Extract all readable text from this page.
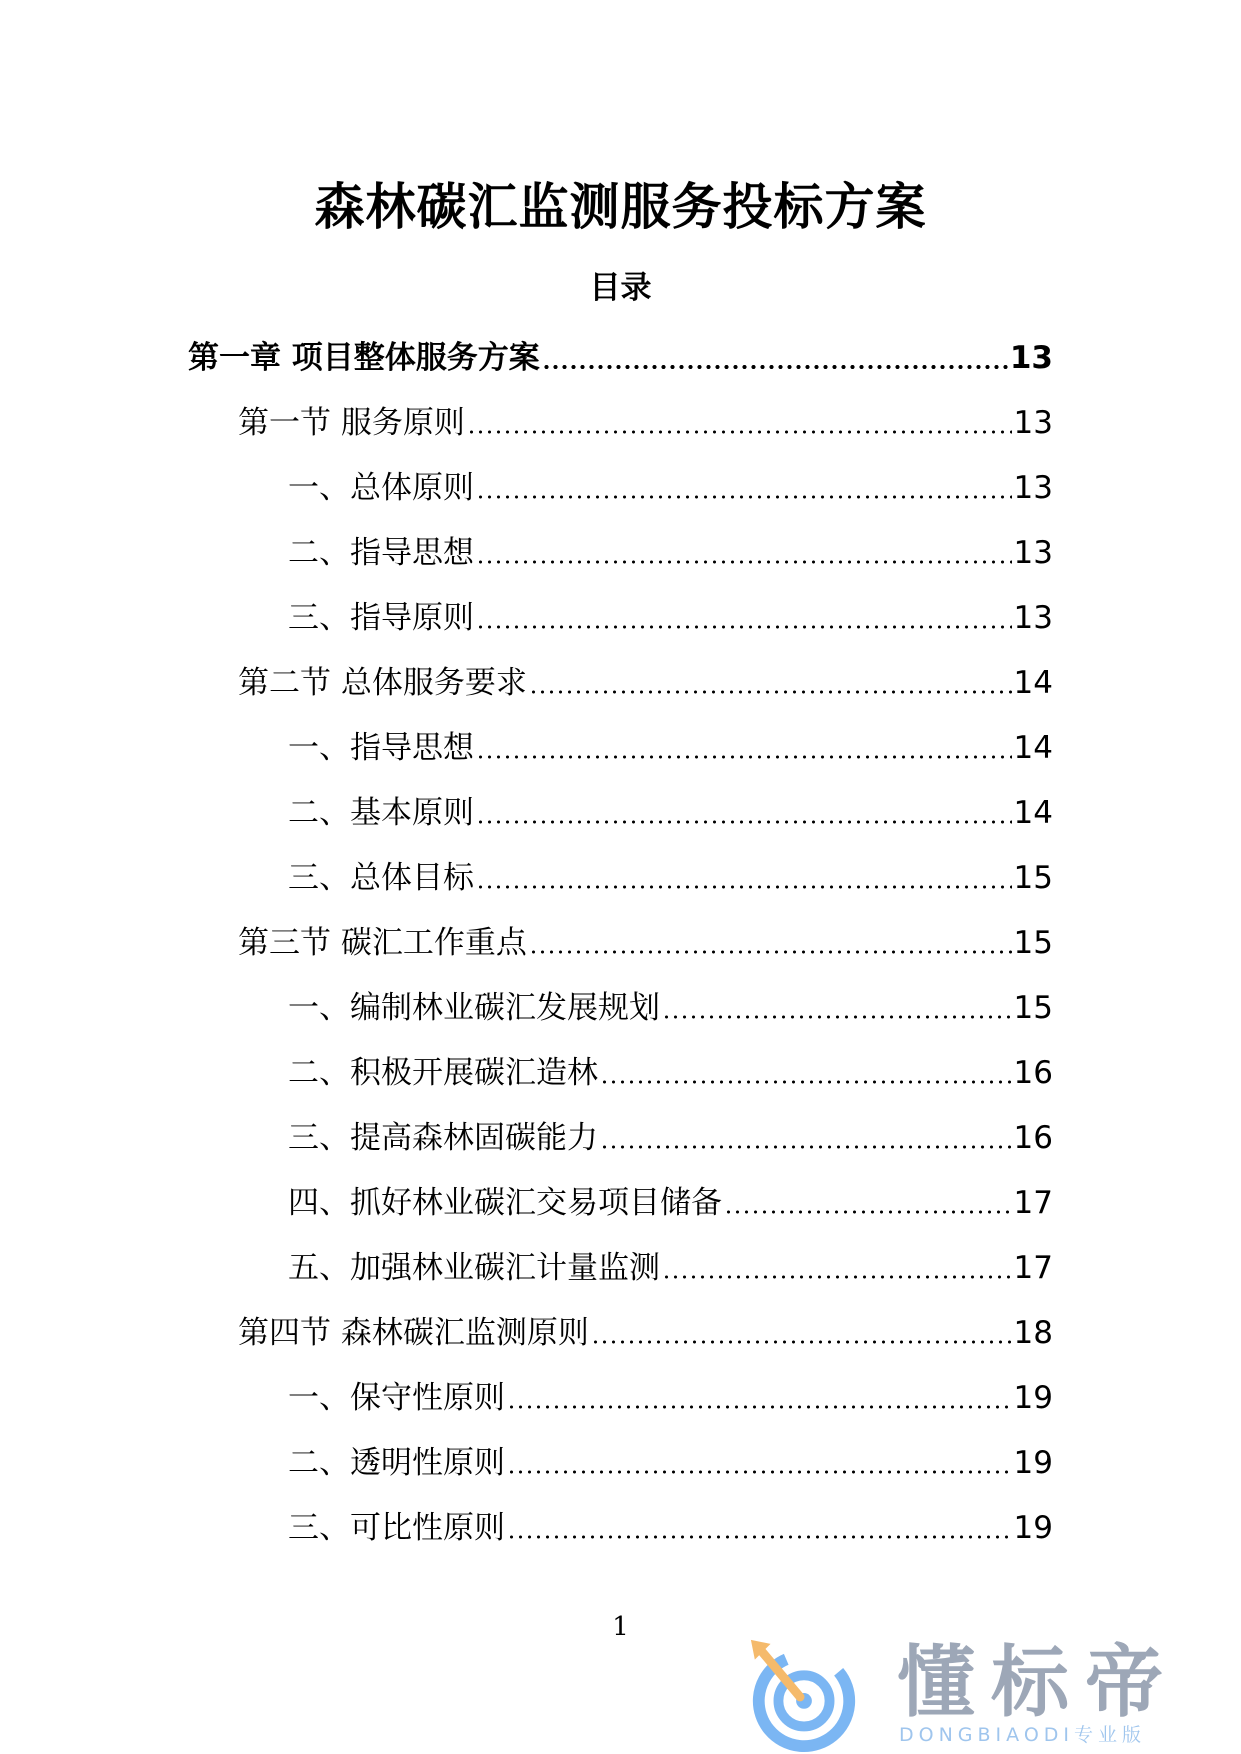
森林碳汇监测服务投标方案
目录
第一章 项目整体服务方案	13
第一节 服务原则	13
一、总体原则	13
二、指导思想	13
三、指导原则	13
第二节 总体服务要求	14
一、指导思想	14
二、基本原则	14
三、总体目标	15
第三节 碳汇工作重点	15
一、编制林业碳汇发展规划	15
二、积极开展碳汇造林	16
三、提高森林固碳能力	16
四、抓好林业碳汇交易项目储备	17
五、加强林业碳汇计量监测	17
第四节 森林碳汇监测原则	18
一、保守性原则	19
二、透明性原则	19
三、可比性原则	19
1
懂标帝
DONGBIAODI专业版
